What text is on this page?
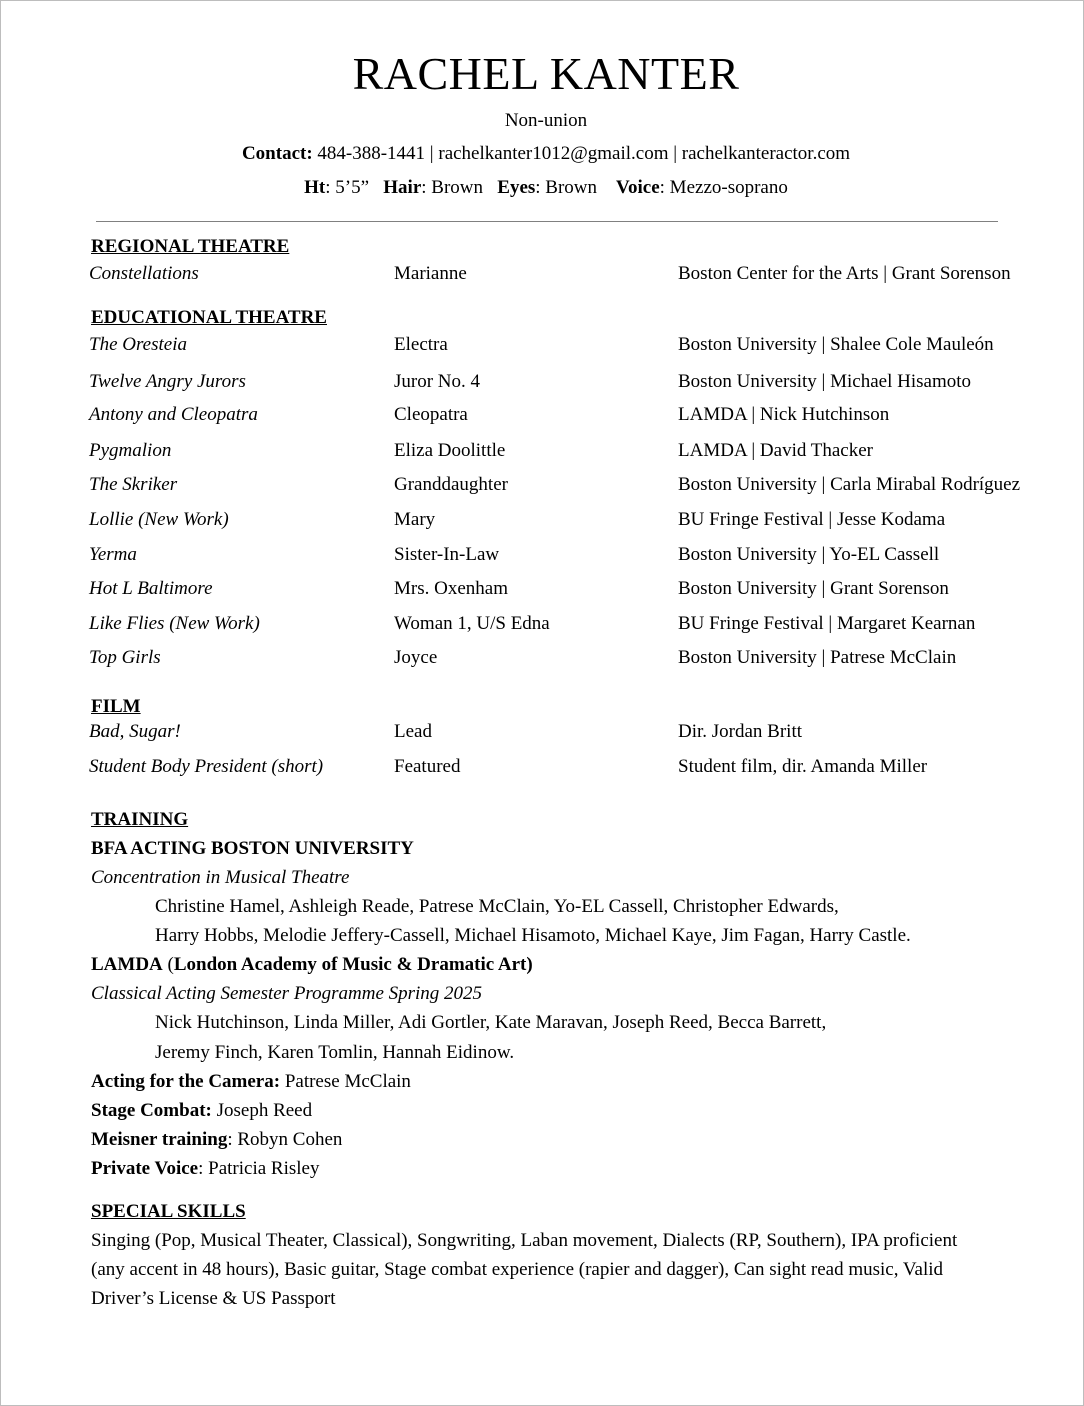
RACHEL KANTER
Non-union
Contact: 484-388-1441 | rachelkanter1012@gmail.com | rachelkanteractor.com
Ht: 5’5” Hair: Brown Eyes: Brown Voice: Mezzo-soprano
REGIONAL THEATRE
Constellations	Marianne	Boston Center for the Arts | Grant Sorenson
EDUCATIONAL THEATRE
The Oresteia	Electra	Boston University | Shalee Cole Mauleón
Twelve Angry Jurors	Juror No. 4	Boston University | Michael Hisamoto
Antony and Cleopatra	Cleopatra	LAMDA | Nick Hutchinson
Pygmalion	Eliza Doolittle	LAMDA | David Thacker
The Skriker	Granddaughter	Boston University | Carla Mirabal Rodríguez
Lollie (New Work)	Mary	BU Fringe Festival | Jesse Kodama
Yerma	Sister-In-Law	Boston University | Yo-EL Cassell
Hot L Baltimore	Mrs. Oxenham	Boston University | Grant Sorenson
Like Flies (New Work)	Woman 1, U/S Edna	BU Fringe Festival | Margaret Kearnan
Top Girls	Joyce	Boston University | Patrese McClain
FILM
Bad, Sugar!	Lead	Dir. Jordan Britt
Student Body President (short)	Featured	Student film, dir. Amanda Miller
TRAINING
BFA ACTING BOSTON UNIVERSITY
Concentration in Musical Theatre
Christine Hamel, Ashleigh Reade, Patrese McClain, Yo-EL Cassell, Christopher Edwards,
Harry Hobbs, Melodie Jeffery-Cassell, Michael Hisamoto, Michael Kaye, Jim Fagan, Harry Castle.
LAMDA (London Academy of Music & Dramatic Art)
Classical Acting Semester Programme Spring 2025
Nick Hutchinson, Linda Miller, Adi Gortler, Kate Maravan, Joseph Reed, Becca Barrett,
Jeremy Finch, Karen Tomlin, Hannah Eidinow.
Acting for the Camera: Patrese McClain
Stage Combat: Joseph Reed
Meisner training: Robyn Cohen
Private Voice: Patricia Risley
SPECIAL SKILLS
Singing (Pop, Musical Theater, Classical), Songwriting, Laban movement, Dialects (RP, Southern), IPA proficient
(any accent in 48 hours), Basic guitar, Stage combat experience (rapier and dagger), Can sight read music, Valid
Driver’s License & US Passport
